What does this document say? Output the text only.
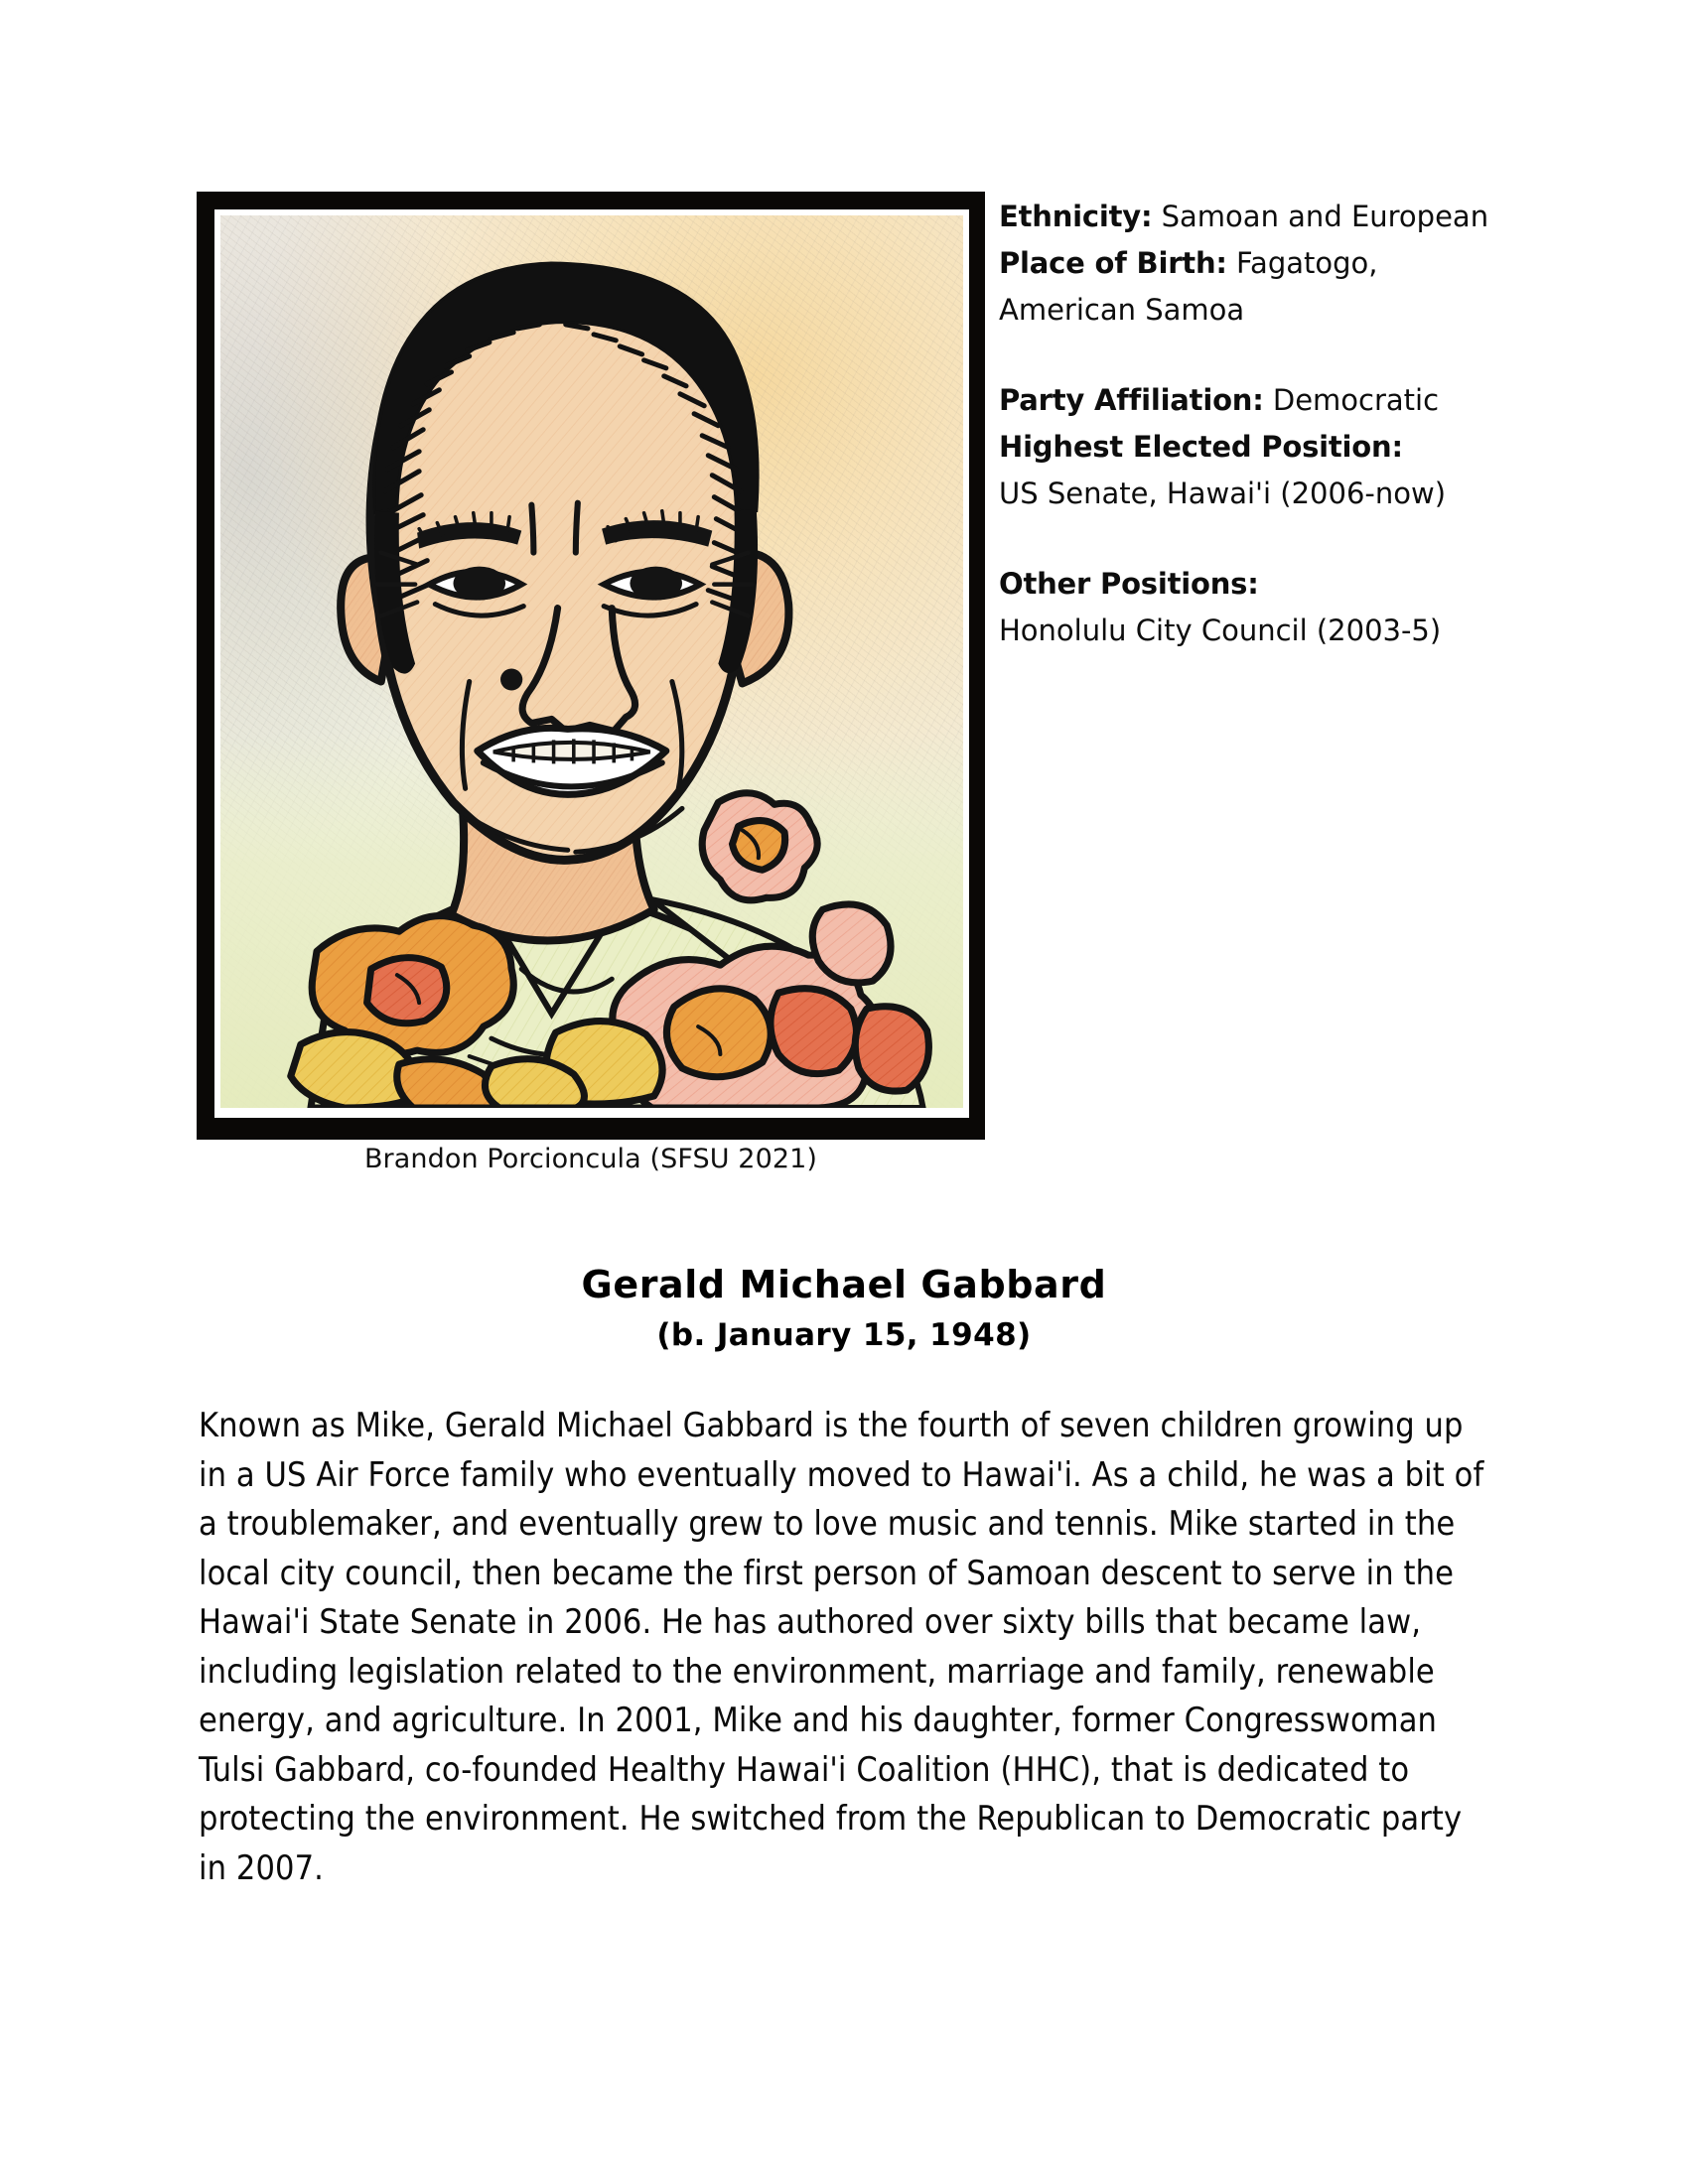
Brandon Porcioncula (SFSU 2021)
Ethnicity: Samoan and European
Place of Birth: Fagatogo,
American Samoa
Party Affiliation: Democratic
Highest Elected Position:
US Senate, Hawai'i (2006-now)
Other Positions:
Honolulu City Council (2003-5)
Gerald Michael Gabbard
(b. January 15, 1948)

Known as Mike, Gerald Michael Gabbard is the fourth of seven children growing up in a US Air Force family who eventually moved to Hawai'i. As a child, he was a bit of a troublemaker, and eventually grew to love music and tennis. Mike started in the local city council, then became the first person of Samoan descent to serve in the Hawai'i State Senate in 2006. He has authored over sixty bills that became law, including legislation related to the environment, marriage and family, renewable energy, and agriculture. In 2001, Mike and his daughter, former Congresswoman Tulsi Gabbard, co-founded Healthy Hawai'i Coalition (HHC), that is dedicated to protecting the environment. He switched from the Republican to Democratic party in 2007.
